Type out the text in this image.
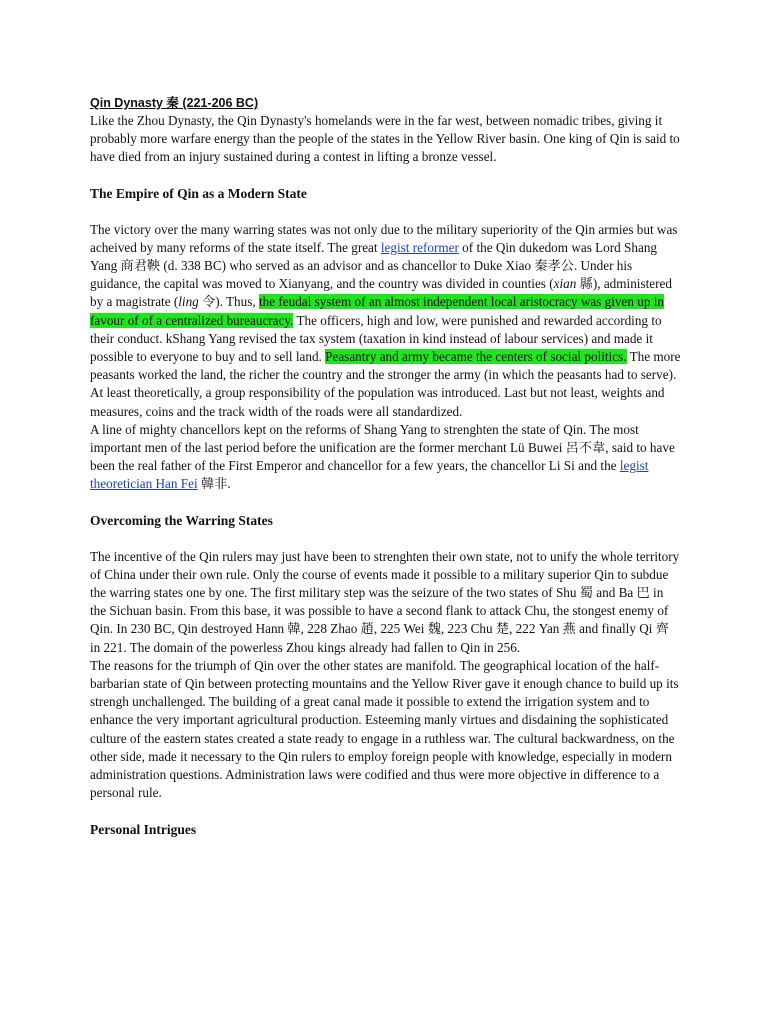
Qin Dynasty 秦 (221-206 BC)

Like the Zhou Dynasty, the Qin Dynasty's homelands were in the far west, between nomadic tribes, giving it probably more warfare energy than the people of the states in the Yellow River basin. One king of Qin is said to have died from an injury sustained during a contest in lifting a bronze vessel.

The Empire of Qin as a Modern State

The victory over the many warring states was not only due to the military superiority of the Qin armies but was acheived by many reforms of the state itself. The great legist reformer of the Qin dukedom was Lord Shang Yang 商君鞅 (d. 338 BC) who served as an advisor and as chancellor to Duke Xiao 秦孝公. Under his guidance, the capital was moved to Xianyang, and the country was divided in counties (xian 縣), administered by a magistrate (ling 令). Thus, the feudal system of an almost independent local aristocracy was given up in favour of of a centralized bureaucracy. The officers, high and low, were punished and rewarded according to their conduct. kShang Yang revised the tax system (taxation in kind instead of labour services) and made it possible to everyone to buy and to sell land. Peasantry and army became the centers of social politics. The more peasants worked the land, the richer the country and the stronger the army (in which the peasants had to serve). At least theoretically, a group responsibility of the population was introduced. Last but not least, weights and measures, coins and the track width of the roads were all standardized.

A line of mighty chancellors kept on the reforms of Shang Yang to strenghten the state of Qin. The most important men of the last period before the unification are the former merchant Lü Buwei 呂不韋, said to have been the real father of the First Emperor and chancellor for a few years, the chancellor Li Si and the legist theoretician Han Fei 韓非.

Overcoming the Warring States

The incentive of the Qin rulers may just have been to strenghten their own state, not to unify the whole territory of China under their own rule. Only the course of events made it possible to a military superior Qin to subdue the warring states one by one. The first military step was the seizure of the two states of Shu 蜀 and Ba 巴 in the Sichuan basin. From this base, it was possible to have a second flank to attack Chu, the stongest enemy of Qin. In 230 BC, Qin destroyed Hann 韓, 228 Zhao 趙, 225 Wei 魏, 223 Chu 楚, 222 Yan 燕 and finally Qi 齊 in 221. The domain of the powerless Zhou kings already had fallen to Qin in 256.

The reasons for the triumph of Qin over the other states are manifold. The geographical location of the half-barbarian state of Qin between protecting mountains and the Yellow River gave it enough chance to build up its strengh unchallenged. The building of a great canal made it possible to extend the irrigation system and to enhance the very important agricultural production. Esteeming manly virtues and disdaining the sophisticated culture of the eastern states created a state ready to engage in a ruthless war. The cultural backwardness, on the other side, made it necessary to the Qin rulers to employ foreign people with knowledge, especially in modern administration questions. Administration laws were codified and thus were more objective in difference to a personal rule.

Personal Intrigues
